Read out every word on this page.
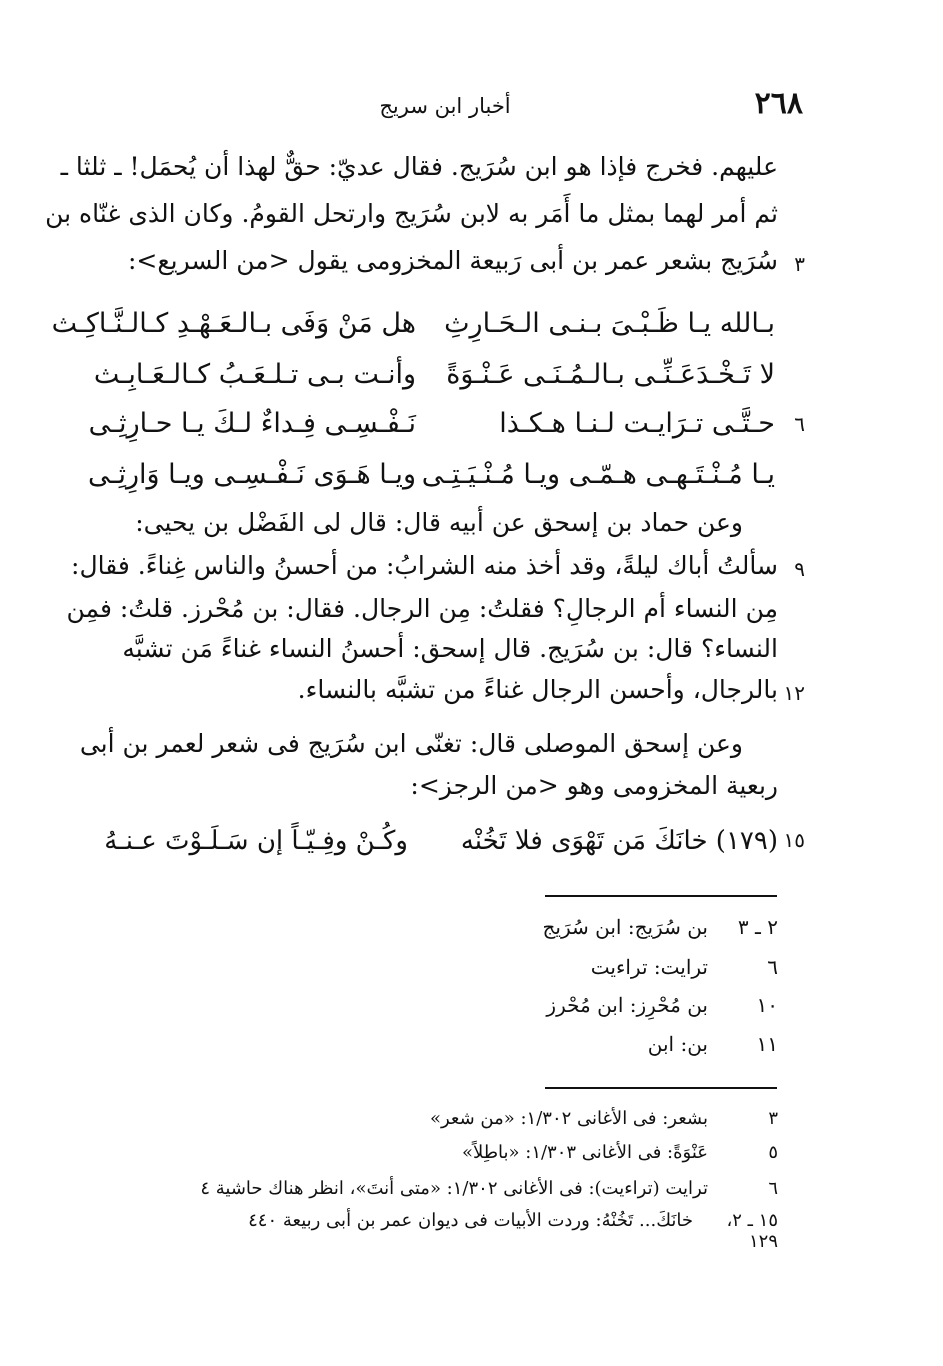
٢٦٨
أخبار ابن سريج
عليهم. فخرج فإذا هو ابن سُرَيج. فقال عديّ: حقٌّ لهذا أن يُحمَل! ـ ثلثا ـ
ثم أمر لهما بمثل ما أَمَر به لابن سُرَيج وارتحل القومُ. وكان الذى غنّاه بن
سُرَيج بشعر عمر بن أبى رَبيعة المخزومى يقول <من السريع>: ٣
بـالله يـا ظَـبْـىَ بـنـى الـحَـارِثِ
هل مَنْ وَفَى بـالـعَـهْـدِ كـالـنَّـاكِـث
لا تَـخْـدَعَـنِّـى بـالـمُـنَـى عَـنْـوَةً
وأنـت بـى تـلـعَـبُ كـالـعَـابِـث
٦
حـتَّـى تـرَايـت لـنـا هـكـذا
نَـفْـسِـى فِـداءٌ لـكَ يـا حـارِثِـى
يـا مُـنْـتَـهـى هـمّـى ويـا مُـنْـيَـتِـى
ويـا هَـوَى نَـفْـسِـى ويـا وَارِثِـى
وعن حماد بن إسحق عن أبيه قال: قال لى الفَضْل بن يحيى:
سألتُ أباك ليلةً، وقد أخذ منه الشرابُ: من أحسنُ والناس غِناءً. فقال: ٩
مِن النساء أم الرجالِ؟ فقلتُ: مِن الرجال. فقال: بن مُحْرز. قلتُ: فمِن
النساء؟ قال: بن سُرَيج. قال إسحق: أحسنُ النساء غناءً مَن تشبَّه
بالرجال، وأحسن الرجال غناءً من تشبَّه بالنساء. ١٢
وعن إسحق الموصلى قال: تغنّى ابن سُرَيج فى شعر لعمر بن أبى
ربعية المخزومى وهو <من الرجز>:
١٥
(١٧٩) خانَكَ مَن تَهْوَى فلا تَخُنْه
وكُـنْ وفِـيّـاً إن سَـلَـوْتَ عـنـهُ
٢ ـ ٣
بن سُرَيج: ابن سُرَيج
٦
ترايت: تراءيت
١٠
بن مُحْرِز: ابن مُحْرز
١١
بن: ابن
٣
بشعر: فى الأغانى ١/٣٠٢: «من شعر»
٥
عَنْوَةً: فى الأغانى ١/٣٠٣: «باطِلاً»
٦
ترايت (تراءيت): فى الأغانى ١/٣٠٢: «متى أنتَ»، انظر هناك حاشية ٤
١٥ ـ ٢، ١٢٩
خانَكَ... تَخُنْهُ: وردت الأبيات فى ديوان عمر بن أبى ربيعة ٤٤٠
